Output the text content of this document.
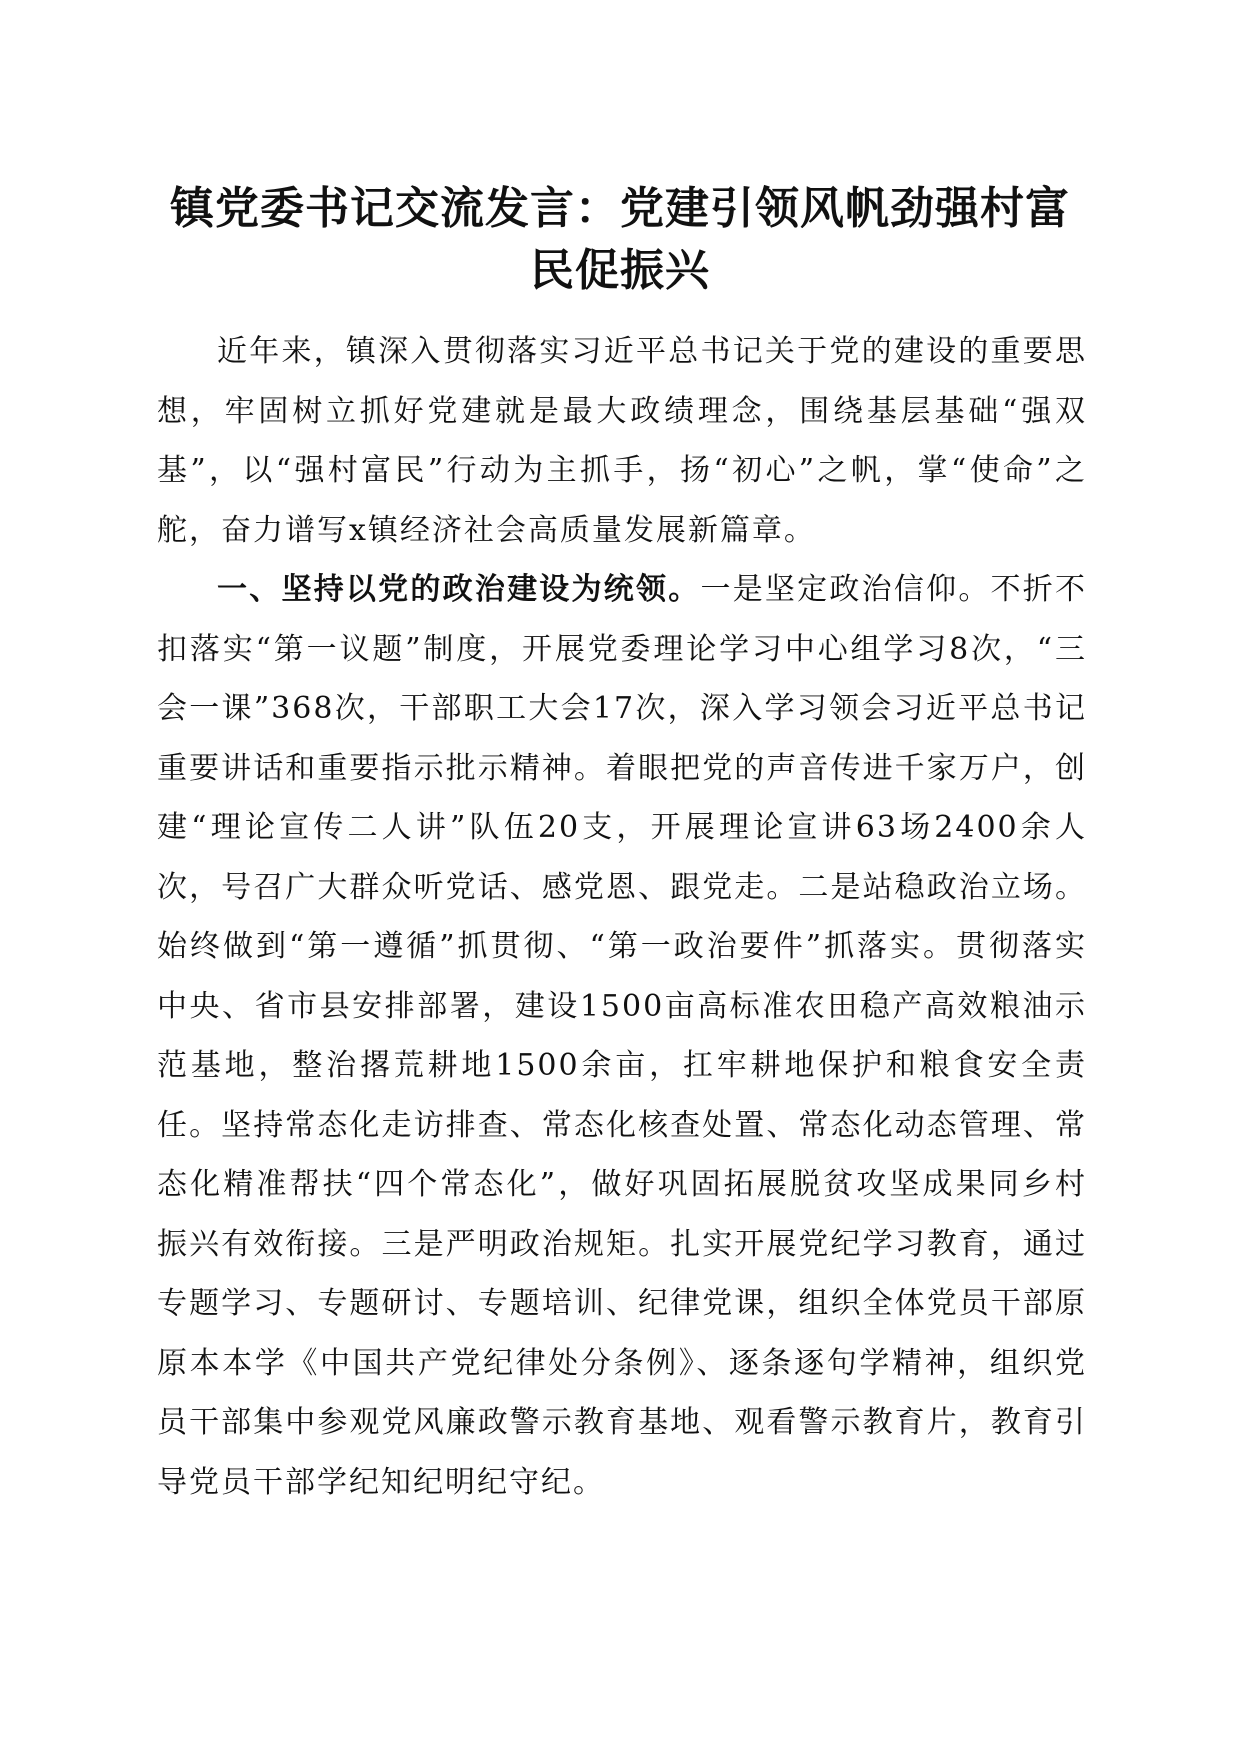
镇党委书记交流发言：党建引领风帆劲强村富民促振兴

近年来，镇深入贯彻落实习近平总书记关于党的建设的重要思想，牢固树立抓好党建就是最大政绩理念，围绕基层基础“强双基”，以“强村富民”行动为主抓手，扬“初心”之帆，掌“使命”之舵，奋力谱写x镇经济社会高质量发展新篇章。

一、坚持以党的政治建设为统领。一是坚定政治信仰。不折不扣落实“第一议题”制度，开展党委理论学习中心组学习8次，“三会一课”368次，干部职工大会17次，深入学习领会习近平总书记重要讲话和重要指示批示精神。着眼把党的声音传进千家万户，创建“理论宣传二人讲”队伍20支，开展理论宣讲63场2400余人次，号召广大群众听党话、感党恩、跟党走。二是站稳政治立场。始终做到“第一遵循”抓贯彻、“第一政治要件”抓落实。贯彻落实中央、省市县安排部署，建设1500亩高标准农田稳产高效粮油示范基地，整治撂荒耕地1500余亩，扛牢耕地保护和粮食安全责任。坚持常态化走访排查、常态化核查处置、常态化动态管理、常态化精准帮扶“四个常态化”，做好巩固拓展脱贫攻坚成果同乡村振兴有效衔接。三是严明政治规矩。扎实开展党纪学习教育，通过专题学习、专题研讨、专题培训、纪律党课，组织全体党员干部原原本本学《中国共产党纪律处分条例》、逐条逐句学精神，组织党员干部集中参观党风廉政警示教育基地、观看警示教育片，教育引导党员干部学纪知纪明纪守纪。
